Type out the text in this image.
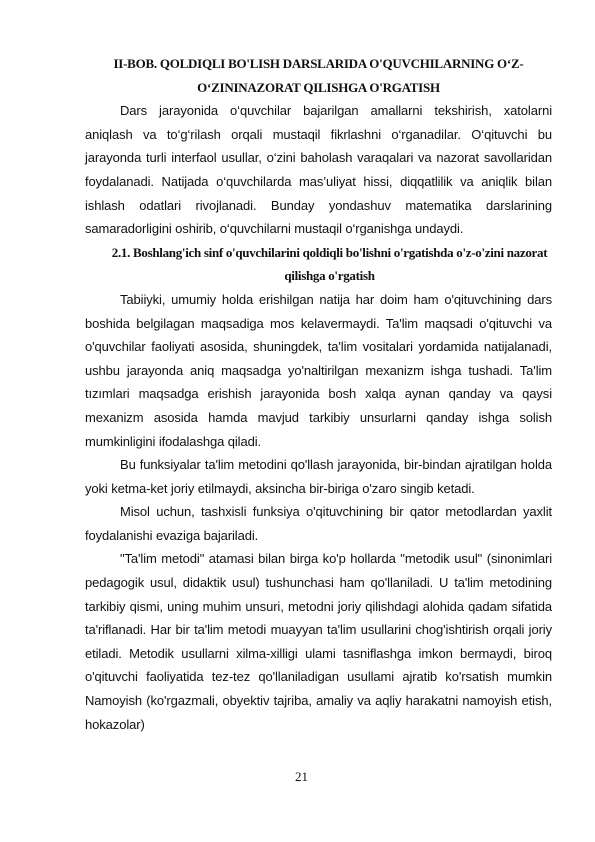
II-BOB. QOLDIQLI BO'LISH DARSLARIDA O'QUVCHILARNING O‘Z-O‘ZININAZORAT QILISHGA O'RGATISH

Dars jarayonida o‘quvchilar bajarilgan amallarni tekshirish, xatolarni aniqlash va to‘g‘rilash orqali mustaqil fikrlashni o‘rganadilar. O‘qituvchi bu jarayonda turli interfaol usullar, o‘zini baholash varaqalari va nazorat savollaridan foydalanadi. Natijada o‘quvchilarda mas’uliyat hissi, diqqatlilik va aniqlik bilan ishlash odatlari rivojlanadi. Bunday yondashuv matematika darslarining samaradorligini oshirib, o‘quvchilarni mustaqil o‘rganishga undaydi.

2.1. Boshlang'ich sinf o'quvchilarini qoldiqli bo'lishni o'rgatishda o'z-o'zini nazorat qilishga o'rgatish

Tabiiyki, umumiy holda erishilgan natija har doim ham o'qituvchining dars boshida belgilagan maqsadiga mos kelavermaydi. Ta'lim maqsadi o'qituvchi va o'quvchilar faoliyati asosida, shuningdek, ta'lim vositalari yordamida natijalanadi, ushbu jarayonda aniq maqsadga yo'naltirilgan mexanizm ishga tushadi. Ta'lim tızımlari maqsadga erishish jarayonida bosh xalqa aynan qanday va qaysi mexanizm asosida hamda mavjud tarkibiy unsurlarni qanday ishga solish mumkinligini ifodalashga qiladi.

Bu funksiyalar ta'lim metodini qo'llash jarayonida, bir-bindan ajratilgan holda yoki ketma-ket joriy etilmaydi, aksincha bir-biriga o'zaro singib ketadi.

Misol uchun, tashxisli funksiya o'qituvchining bir qator metodlardan yaxlit foydalanishi evaziga bajariladi.

"Ta'lim metodi" atamasi bilan birga ko'p hollarda "metodik usul" (sinonimlari pedagogik usul, didaktik usul) tushunchasi ham qo'llaniladi. U ta'lim metodining tarkibiy qismi, uning muhim unsuri, metodni joriy qilishdagi alohida qadam sifatida ta'riflanadi. Har bir ta'lim metodi muayyan ta'lim usullarini chog'ishtirish orqali joriy etiladi. Metodik usullarni xilma-xilligi ulami tasniflashga imkon bermaydi, biroq o'qituvchi faoliyatida tez-tez qo'llaniladigan usullami ajratib ko'rsatish mumkin Namoyish (ko'rgazmali, obyektiv tajriba, amaliy va aqliy harakatni namoyish etish, hokazolar)

21
